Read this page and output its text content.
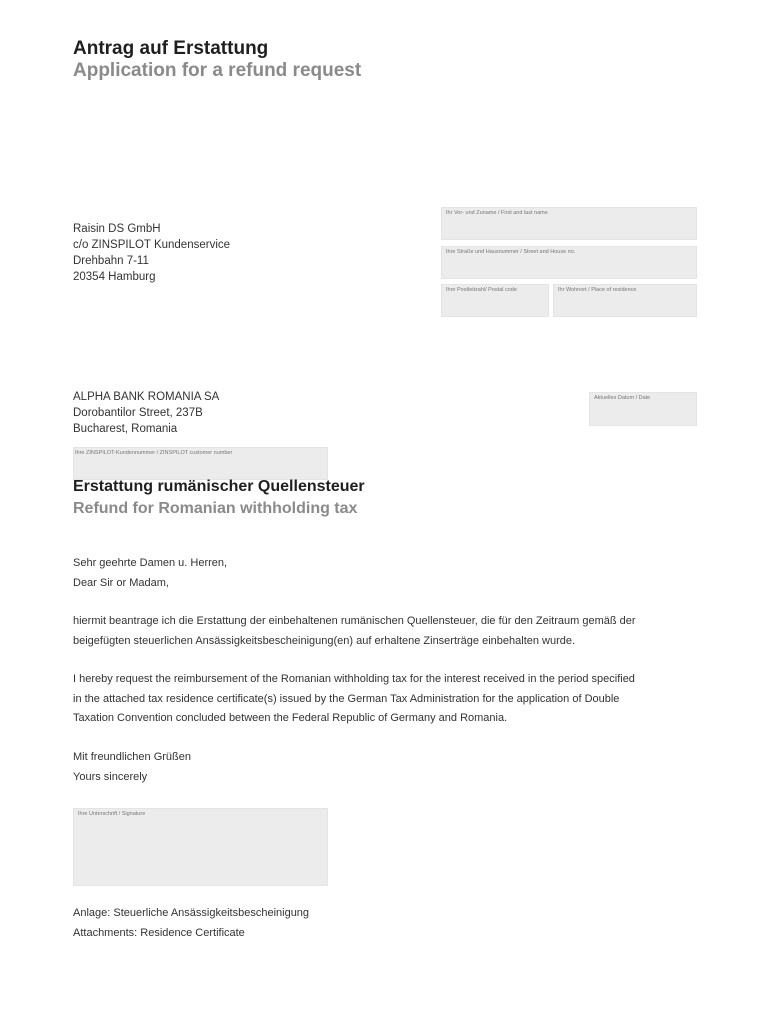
Antrag auf Erstattung
Application for a refund request
Raisin DS GmbH
c/o ZINSPILOT Kundenservice
Drehbahn 7-11
20354 Hamburg
Ihr Vor- und Zuname / First and last name
Ihre Straße und Hausnummer / Street and House no.
Ihre Postleitzahl/ Postal code	Ihr Wohnort / Place of residence
ALPHA BANK ROMANIA SA
Dorobantilor Street, 237B
Bucharest, Romania
Aktuelles Datum / Date
Ihre ZINSPILOT-Kundennummer / ZINSPILOT customer number
Erstattung rumänischer Quellensteuer
Refund for Romanian withholding tax
Sehr geehrte Damen u. Herren,
Dear Sir or Madam,
hiermit beantrage ich die Erstattung der einbehaltenen rumänischen Quellensteuer, die für den Zeitraum gemäß der
beigefügten steuerlichen Ansässigkeitsbescheinigung(en) auf erhaltene Zinserträge einbehalten wurde.
I hereby request the reimbursement of the Romanian withholding tax for the interest received in the period specified
in the attached tax residence certificate(s) issued by the German Tax Administration for the application of Double
Taxation Convention concluded between the Federal Republic of Germany and Romania.
Mit freundlichen Grüßen
Yours sincerely
Ihre Unterschrift / Signature
Anlage: Steuerliche Ansässigkeitsbescheinigung
Attachments: Residence Certificate
